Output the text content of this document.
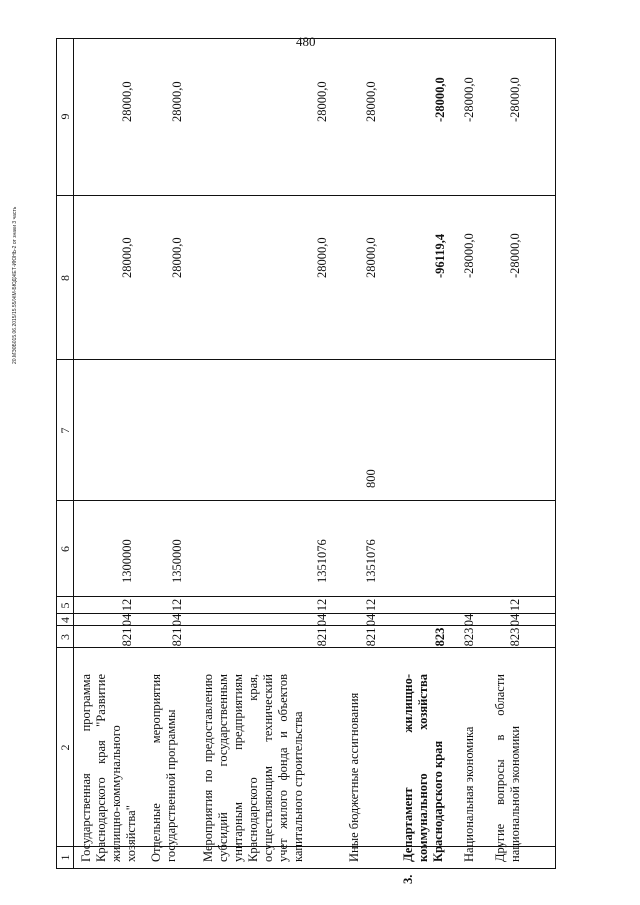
480
20.МЭ0Б015.06.2015/15.55/ЖМ-БЮДЖЕТ-ИЮНЬ-2 от знаки 3 часть
1
2
3
4
5
6
7
8
9
Государственная программа Краснодарского края "Развитие жилищно-коммунального хозяйства"
821
04
12
1300000
28000,0
28000,0
Отдельные мероприятия государственной программы
821
04
12
1350000
28000,0
28000,0
Мероприятия по предоставлению субсидий государственным унитарным предприятиям Краснодарского края, осуществляющим технический учет жилого фонда и объектов капитального строительства
821
04
12
1351076
28000,0
28000,0
Иные бюджетные ассигнования
821
04
12
1351076
800
28000,0
28000,0
3.
Департамент жилищно-коммунального хозяйства Краснодарского края
823
-96119,4
-28000,0
Национальная экономика
823
04
-28000,0
-28000,0
Другие вопросы в области национальной экономики
823
04
12
-28000,0
-28000,0
